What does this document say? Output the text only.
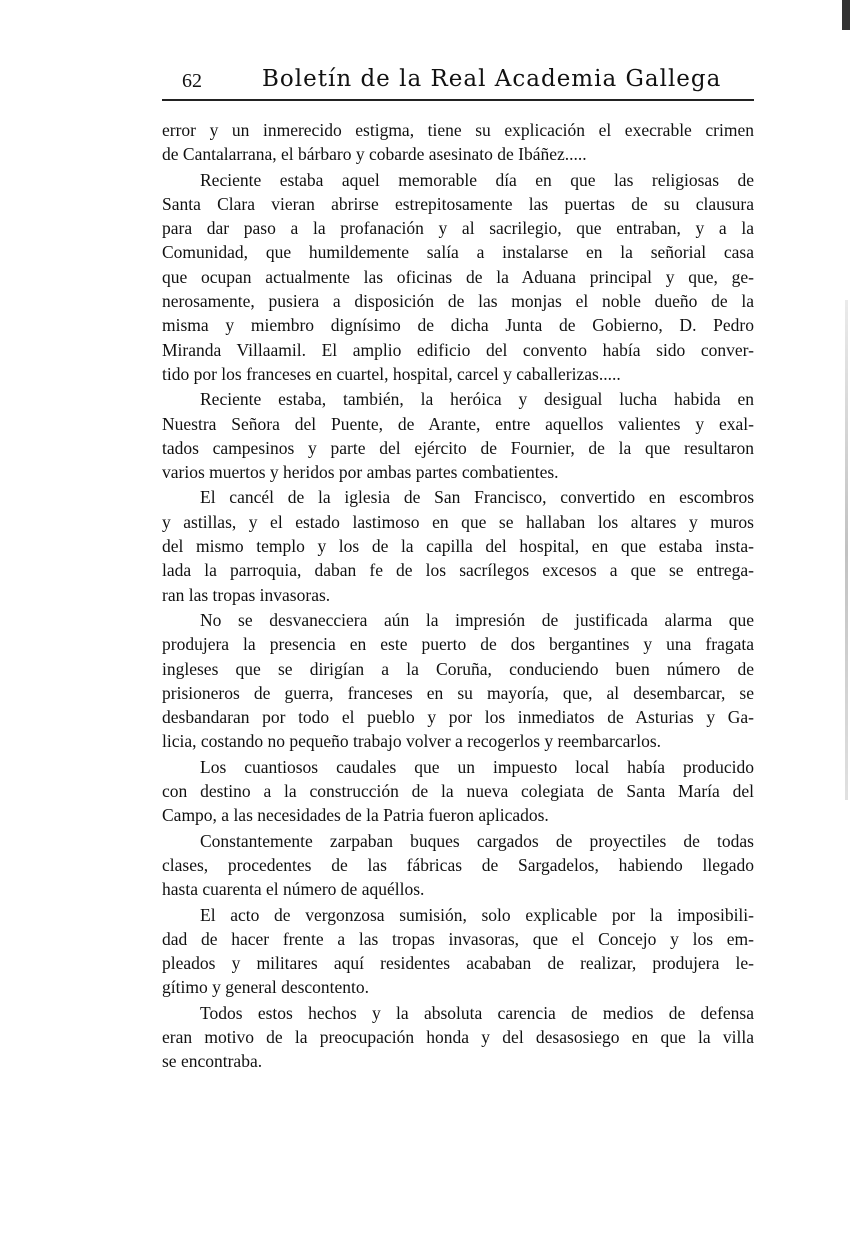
62	Boletín de la Real Academia Gallega
error y un inmerecido estigma, tiene su explicación el execrable crimen
de Cantalarrana, el bárbaro y cobarde asesinato de Ibáñez.....
Reciente estaba aquel memorable día en que las religiosas de
Santa Clara vieran abrirse estrepitosamente las puertas de su clausura
para dar paso a la profanación y al sacrilegio, que entraban, y a la
Comunidad, que humildemente salía a instalarse en la señorial casa
que ocupan actualmente las oficinas de la Aduana principal y que, ge-
nerosamente, pusiera a disposición de las monjas el noble dueño de la
misma y miembro dignísimo de dicha Junta de Gobierno, D. Pedro
Miranda Villaamil. El amplio edificio del convento había sido conver-
tido por los franceses en cuartel, hospital, carcel y caballerizas.....
Reciente estaba, también, la heróica y desigual lucha habida en
Nuestra Señora del Puente, de Arante, entre aquellos valientes y exal-
tados campesinos y parte del ejército de Fournier, de la que resultaron
varios muertos y heridos por ambas partes combatientes.
El cancél de la iglesia de San Francisco, convertido en escombros
y astillas, y el estado lastimoso en que se hallaban los altares y muros
del mismo templo y los de la capilla del hospital, en que estaba insta-
lada la parroquia, daban fe de los sacrílegos excesos a que se entrega-
ran las tropas invasoras.
No se desvanecciera aún la impresión de justificada alarma que
produjera la presencia en este puerto de dos bergantines y una fragata
ingleses que se dirigían a la Coruña, conduciendo buen número de
prisioneros de guerra, franceses en su mayoría, que, al desembarcar, se
desbandaran por todo el pueblo y por los inmediatos de Asturias y Ga-
licia, costando no pequeño trabajo volver a recogerlos y reembarcarlos.
Los cuantiosos caudales que un impuesto local había producido
con destino a la construcción de la nueva colegiata de Santa María del
Campo, a las necesidades de la Patria fueron aplicados.
Constantemente zarpaban buques cargados de proyectiles de todas
clases, procedentes de las fábricas de Sargadelos, habiendo llegado
hasta cuarenta el número de aquéllos.
El acto de vergonzosa sumisión, solo explicable por la imposibili-
dad de hacer frente a las tropas invasoras, que el Concejo y los em-
pleados y militares aquí residentes acababan de realizar, produjera le-
gítimo y general descontento.
Todos estos hechos y la absoluta carencia de medios de defensa
eran motivo de la preocupación honda y del desasosiego en que la villa
se encontraba.
